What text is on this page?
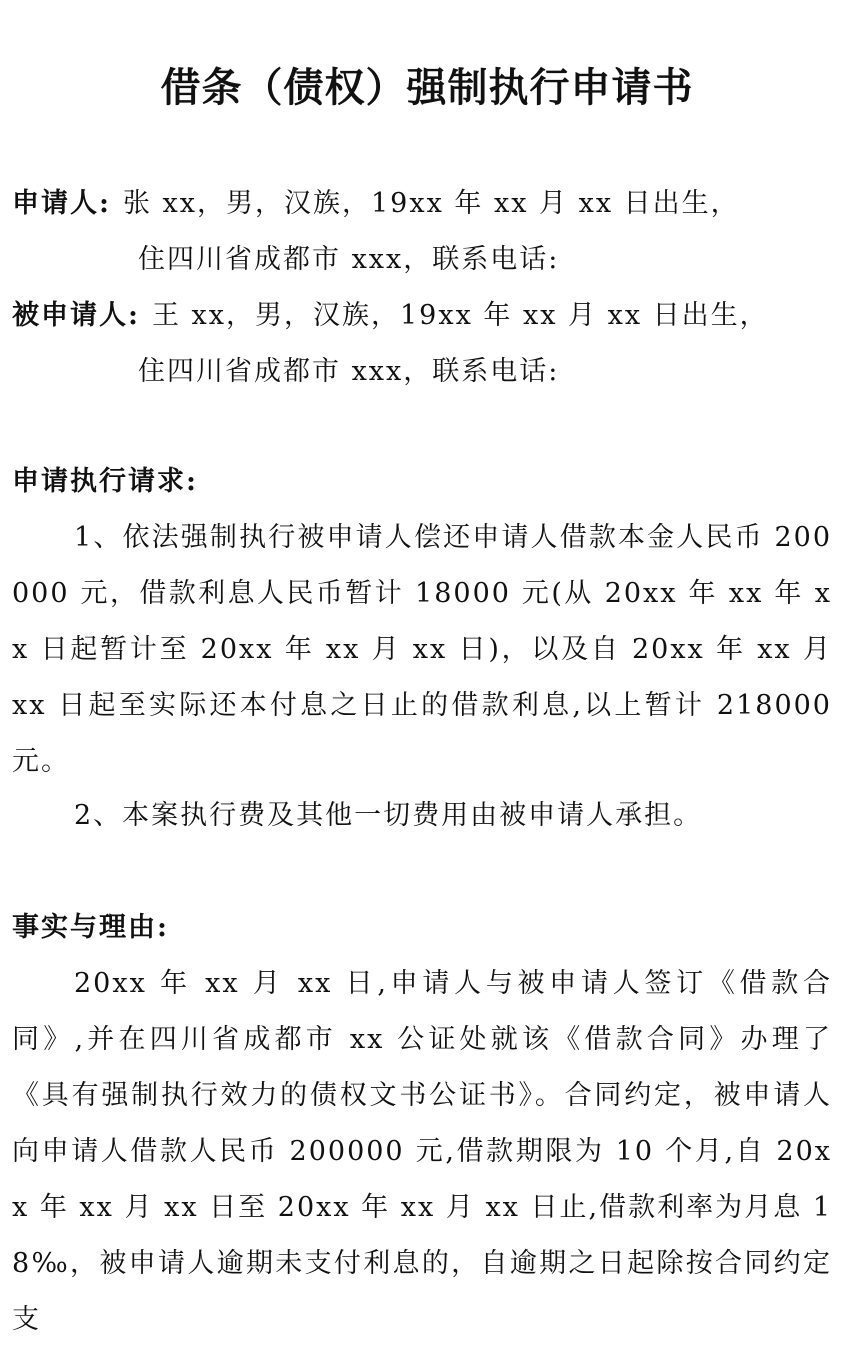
借条（债权）强制执行申请书
申请人: 张 xx，男，汉族，19xx 年 xx 月 xx 日出生，
住四川省成都市 xxx，联系电话:
被申请人: 王 xx，男，汉族，19xx 年 xx 月 xx 日出生，
住四川省成都市 xxx，联系电话:
申请执行请求:

1、依法强制执行被申请人偿还申请人借款本金人民币 200000 元，借款利息人民币暂计 18000 元(从 20xx 年 xx 年 xx 日起暂计至 20xx 年 xx 月 xx 日)，以及自 20xx 年 xx 月 xx 日起至实际还本付息之日止的借款利息,以上暂计 218000 元。

2、本案执行费及其他一切费用由被申请人承担。

事实与理由:

20xx 年 xx 月 xx 日,申请人与被申请人签订《借款合同》,并在四川省成都市 xx 公证处就该《借款合同》办理了《具有强制执行效力的债权文书公证书》。合同约定，被申请人向申请人借款人民币 200000 元,借款期限为 10 个月,自 20xx 年 xx 月 xx 日至 20xx 年 xx 月 xx 日止,借款利率为月息 18‰，被申请人逾期未支付利息的，自逾期之日起除按合同约定支
